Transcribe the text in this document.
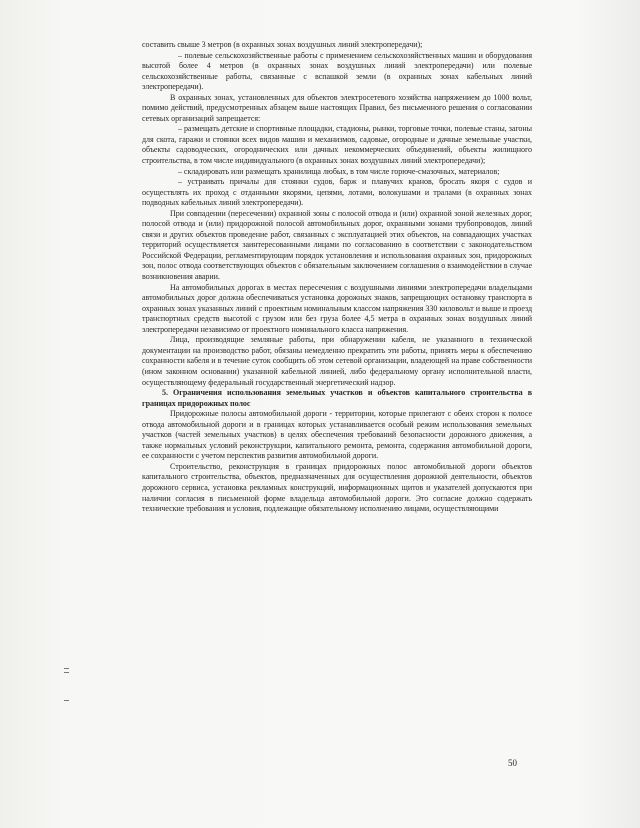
составить свыше 3 метров (в охранных зонах воздушных линий электропередачи);

– полевые сельскохозяйственные работы с применением сельскохозяйственных машин и оборудования высотой более 4 метров (в охранных зонах воздушных линий электропередачи) или полевые сельскохозяйственные работы, связанные с вспашкой земли (в охранных зонах кабельных линий электропередачи).

В охранных зонах, установленных для объектов электросетевого хозяйства напряжением до 1000 вольт, помимо действий, предусмотренных абзацем выше настоящих Правил, без письменного решения о согласовании сетевых организаций запрещается:

– размещать детские и спортивные площадки, стадионы, рынки, торговые точки, полевые станы, загоны для скота, гаражи и стоянки всех видов машин и механизмов, садовые, огородные и дачные земельные участки, объекты садоводческих, огороднических или дачных некоммерческих объединений, объекты жилищного строительства, в том числе индивидуального (в охранных зонах воздушных линий электропередачи);

– складировать или размещать хранилища любых, в том числе горюче-смазочных, материалов;

– устраивать причалы для стоянки судов, барж и плавучих кранов, бросать якоря с судов и осуществлять их проход с отданными якорями, цепями, лотами, волокушами и тралами (в охранных зонах подводных кабельных линий электропередачи).

При совпадении (пересечении) охранной зоны с полосой отвода и (или) охранной зоной железных дорог, полосой отвода и (или) придорожной полосой автомобильных дорог, охранными зонами трубопроводов, линий связи и других объектов проведение работ, связанных с эксплуатацией этих объектов, на совпадающих участках территорий осуществляется заинтересованными лицами по согласованию в соответствии с законодательством Российской Федерации, регламентирующим порядок установления и использования охранных зон, придорожных зон, полос отвода соответствующих объектов с обязательным заключением соглашения о взаимодействии в случае возникновения аварии.

На автомобильных дорогах в местах пересечения с воздушными линиями электропередачи владельцами автомобильных дорог должна обеспечиваться установка дорожных знаков, запрещающих остановку транспорта в охранных зонах указанных линий с проектным номинальным классом напряжения 330 киловольт и выше и проезд транспортных средств высотой с грузом или без груза более 4,5 метра в охранных зонах воздушных линий электропередачи независимо от проектного номинального класса напряжения.

Лица, производящие земляные работы, при обнаружении кабеля, не указанного в технической документации на производство работ, обязаны немедленно прекратить эти работы, принять меры к обеспечению сохранности кабеля и в течение суток сообщить об этом сетевой организации, владеющей на праве собственности (ином законном основании) указанной кабельной линией, либо федеральному органу исполнительной власти, осуществляющему федеральный государственный энергетический надзор.

5. Ограничения использования земельных участков и объектов капитального строительства в границах придорожных полос

Придорожные полосы автомобильной дороги - территории, которые прилегают с обеих сторон к полосе отвода автомобильной дороги и в границах которых устанавливается особый режим использования земельных участков (частей земельных участков) в целях обеспечения требований безопасности дорожного движения, а также нормальных условий реконструкции, капитального ремонта, ремонта, содержания автомобильной дороги, ее сохранности с учетом перспектив развития автомобильной дороги.

Строительство, реконструкция в границах придорожных полос автомобильной дороги объектов капитального строительства, объектов, предназначенных для осуществления дорожной деятельности, объектов дорожного сервиса, установка рекламных конструкций, информационных щитов и указателей допускаются при наличии согласия в письменной форме владельца автомобильной дороги. Это согласие должно содержать технические требования и условия, подлежащие обязательному исполнению лицами, осуществляющими

50
